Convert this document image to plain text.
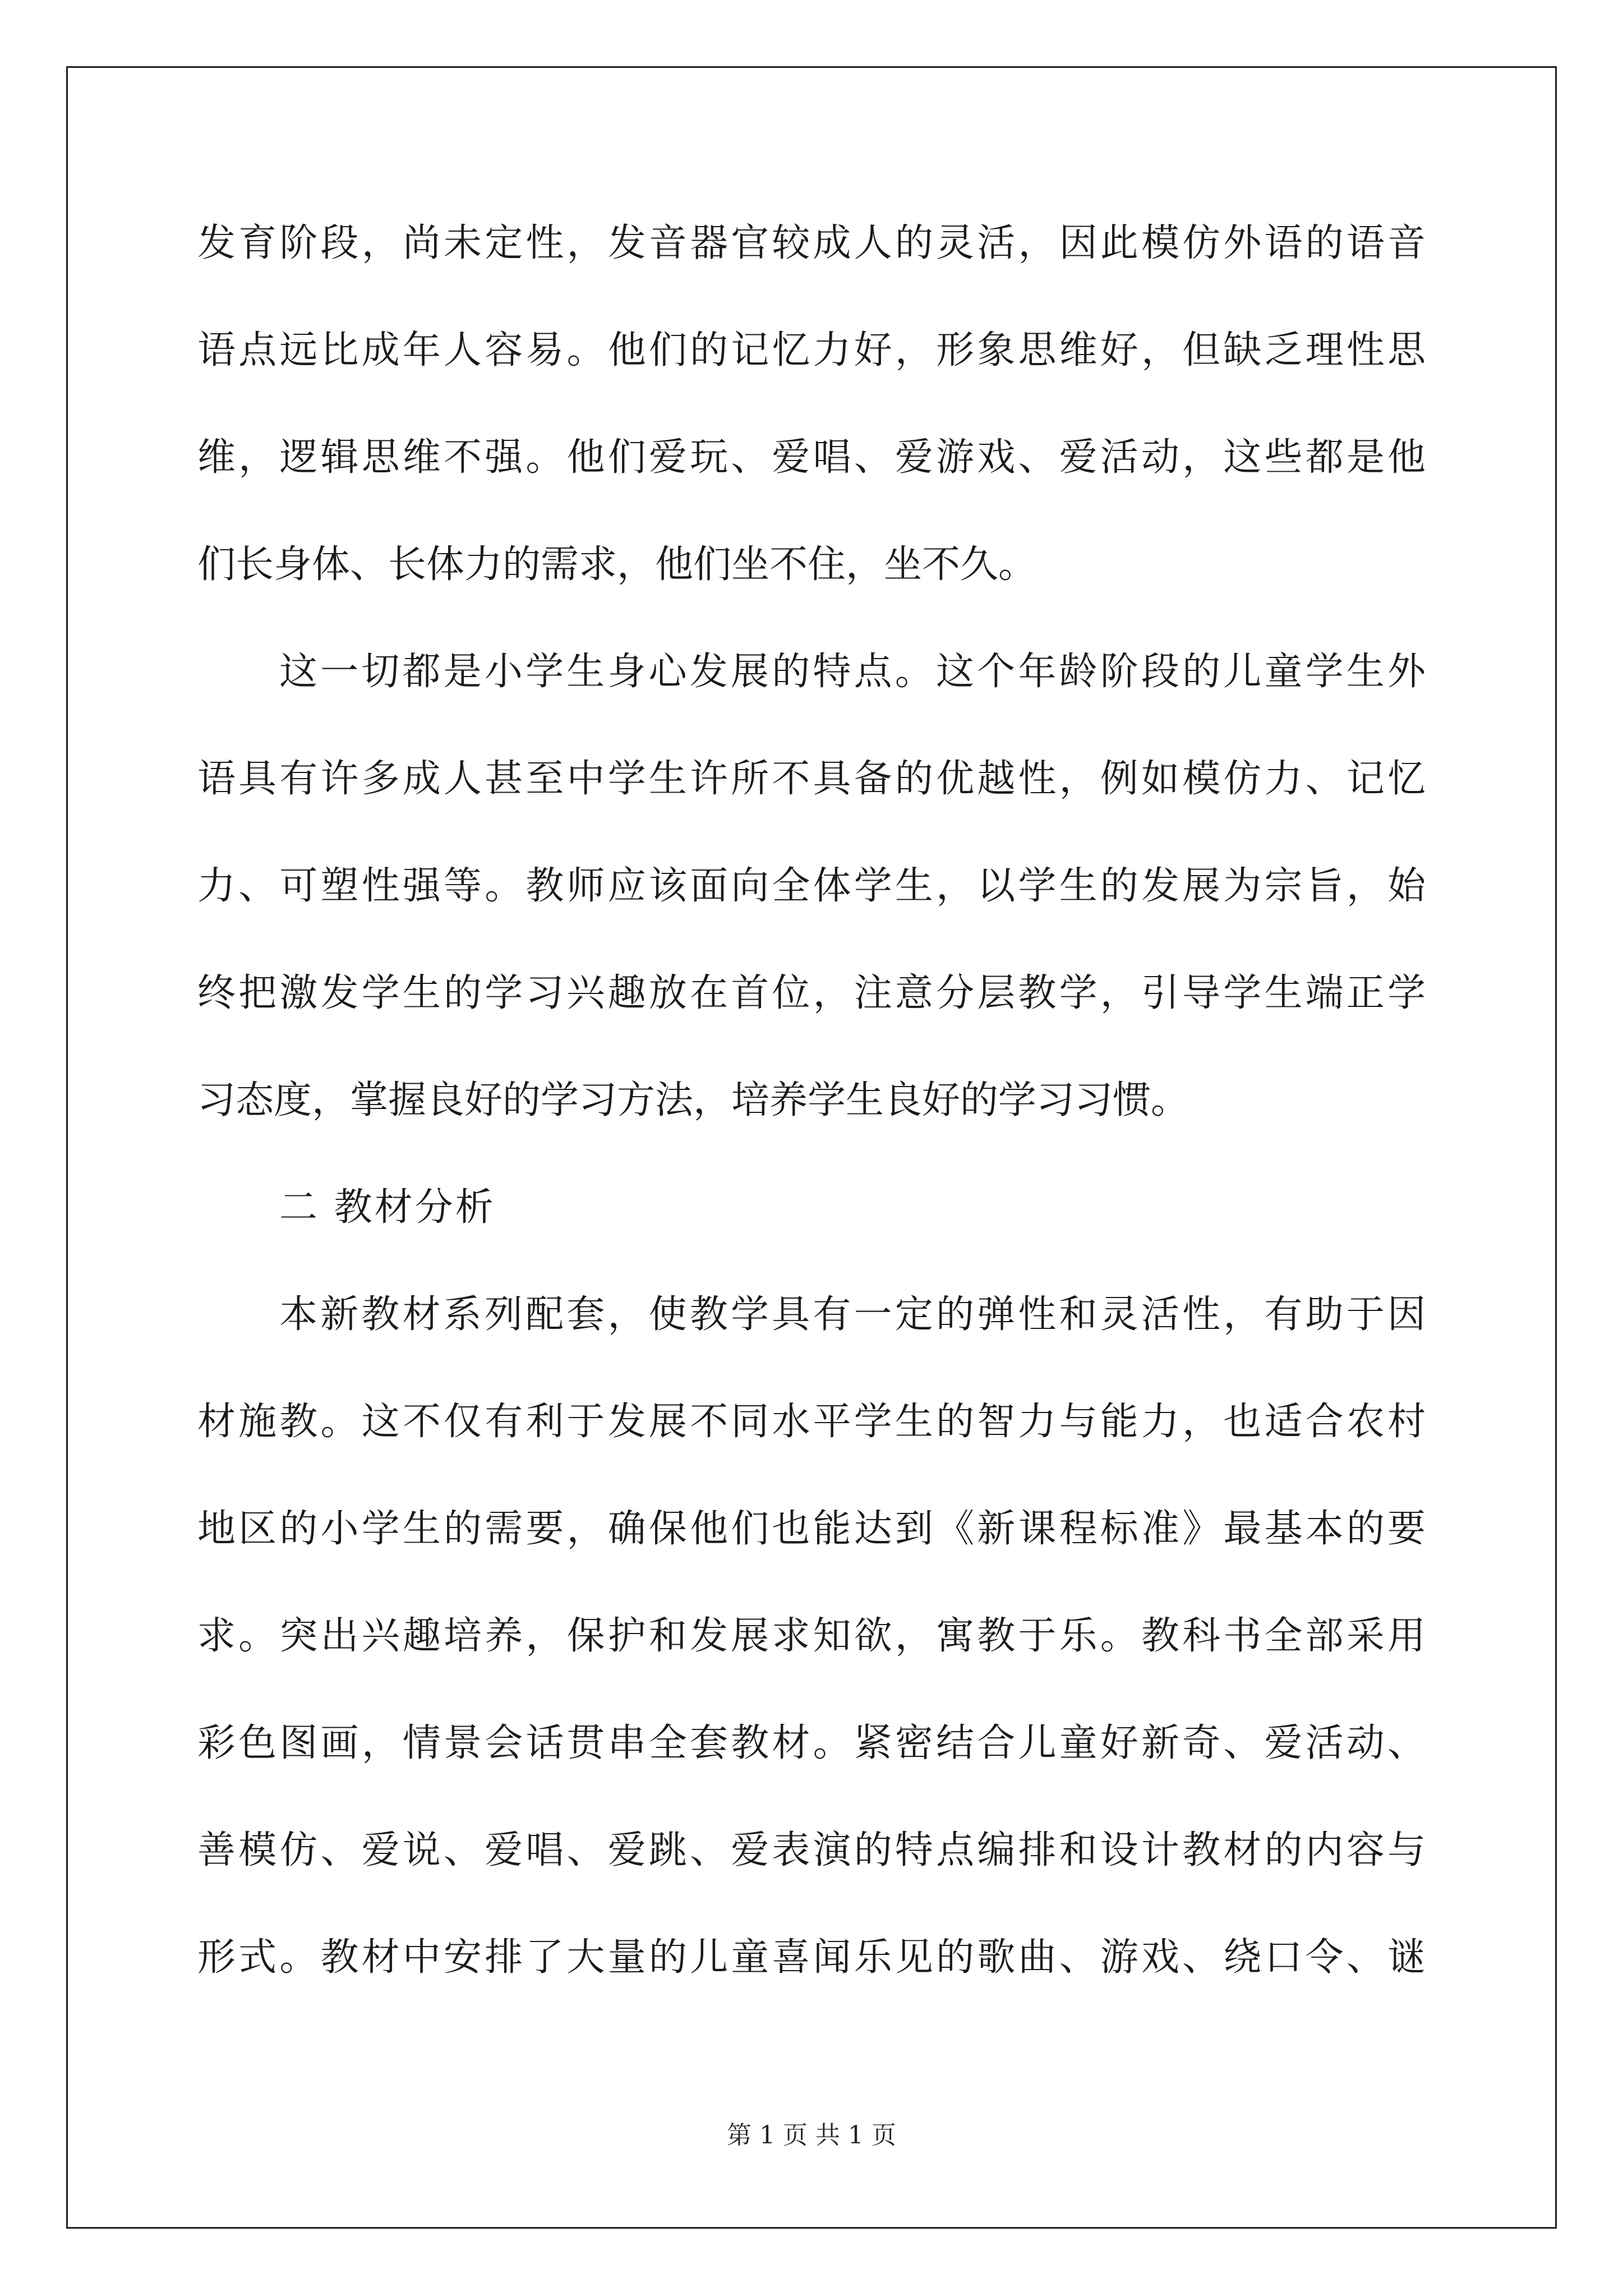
发育阶段，尚未定性，发音器官较成人的灵活，因此模仿外语的语音
语点远比成年人容易。他们的记忆力好，形象思维好，但缺乏理性思
维，逻辑思维不强。他们爱玩、爱唱、爱游戏、爱活动，这些都是他
们长身体、长体力的需求，他们坐不住，坐不久。
这一切都是小学生身心发展的特点。这个年龄阶段的儿童学生外
语具有许多成人甚至中学生许所不具备的优越性，例如模仿力、记忆
力、可塑性强等。教师应该面向全体学生，以学生的发展为宗旨，始
终把激发学生的学习兴趣放在首位，注意分层教学，引导学生端正学
习态度，掌握良好的学习方法，培养学生良好的学习习惯。
二 教材分析
本新教材系列配套，使教学具有一定的弹性和灵活性，有助于因
材施教。这不仅有利于发展不同水平学生的智力与能力，也适合农村
地区的小学生的需要，确保他们也能达到《新课程标准》最基本的要
求。突出兴趣培养，保护和发展求知欲，寓教于乐。教科书全部采用
彩色图画，情景会话贯串全套教材。紧密结合儿童好新奇、爱活动、
善模仿、爱说、爱唱、爱跳、爱表演的特点编排和设计教材的内容与
形式。教材中安排了大量的儿童喜闻乐见的歌曲、游戏、绕口令、谜
第 1 页 共 1 页
